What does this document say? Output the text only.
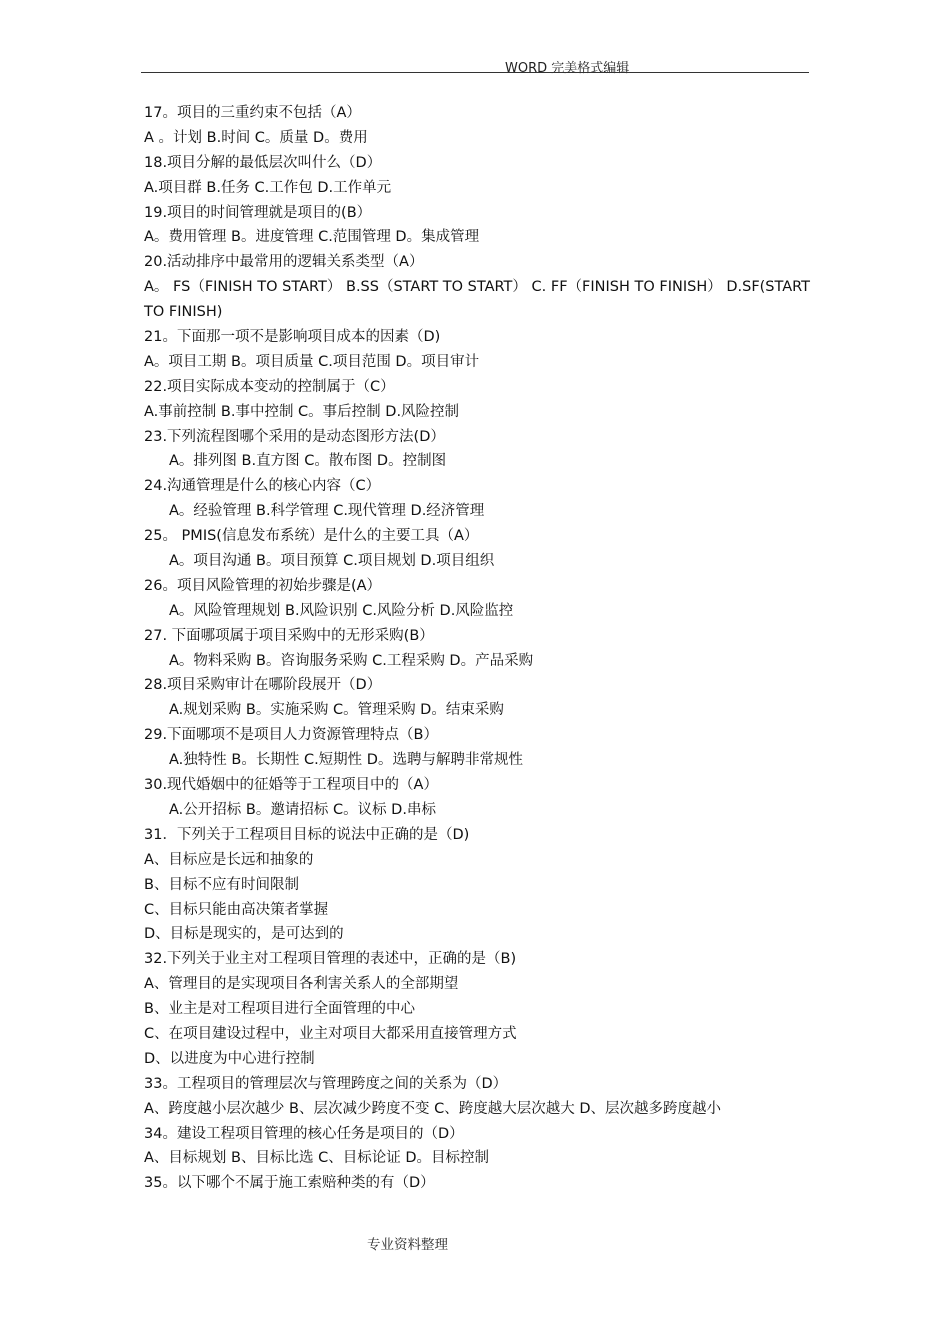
WORD 完美格式编辑
17。项目的三重约束不包括（A）
A 。计划 B.时间 C。质量 D。费用
18.项目分解的最低层次叫什么（D）
A.项目群 B.任务 C.工作包 D.工作单元
19.项目的时间管理就是项目的(B）
A。费用管理 B。进度管理 C.范围管理 D。集成管理
20.活动排序中最常用的逻辑关系类型（A）
A。 FS（FINISH TO START） B.SS（START TO START） C. FF（FINISH TO FINISH） D.SF(START
TO FINISH)
21。下面那一项不是影响项目成本的因素（D)
A。项目工期 B。项目质量 C.项目范围 D。项目审计
22.项目实际成本变动的控制属于（C）
A.事前控制 B.事中控制 C。事后控制 D.风险控制
23.下列流程图哪个采用的是动态图形方法(D）
A。排列图 B.直方图 C。散布图 D。控制图
24.沟通管理是什么的核心内容（C）
A。经验管理 B.科学管理 C.现代管理 D.经济管理
25。 PMIS(信息发布系统）是什么的主要工具（A）
A。项目沟通 B。项目预算 C.项目规划 D.项目组织
26。项目风险管理的初始步骤是(A）
A。风险管理规划 B.风险识别 C.风险分析 D.风险监控
27. 下面哪项属于项目采购中的无形采购(B）
A。物料采购 B。咨询服务采购 C.工程采购 D。产品采购
28.项目采购审计在哪阶段展开（D）
A.规划采购 B。实施采购 C。管理采购 D。结束采购
29.下面哪项不是项目人力资源管理特点（B）
A.独特性 B。长期性 C.短期性 D。选聘与解聘非常规性
30.现代婚姻中的征婚等于工程项目中的（A）
A.公开招标 B。邀请招标 C。议标 D.串标
31．下列关于工程项目目标的说法中正确的是（D)
A、目标应是长远和抽象的
B、目标不应有时间限制
C、目标只能由高决策者掌握
D、目标是现实的，是可达到的
32.下列关于业主对工程项目管理的表述中，正确的是（B)
A、管理目的是实现项目各利害关系人的全部期望
B、业主是对工程项目进行全面管理的中心
C、在项目建设过程中，业主对项目大都采用直接管理方式
D、以进度为中心进行控制
33。工程项目的管理层次与管理跨度之间的关系为（D）
A、跨度越小层次越少 B、层次减少跨度不变 C、跨度越大层次越大 D、层次越多跨度越小
34。建设工程项目管理的核心任务是项目的（D）
A、目标规划 B、目标比选 C、目标论证 D。目标控制
35。以下哪个不属于施工索赔种类的有（D）
专业资料整理
